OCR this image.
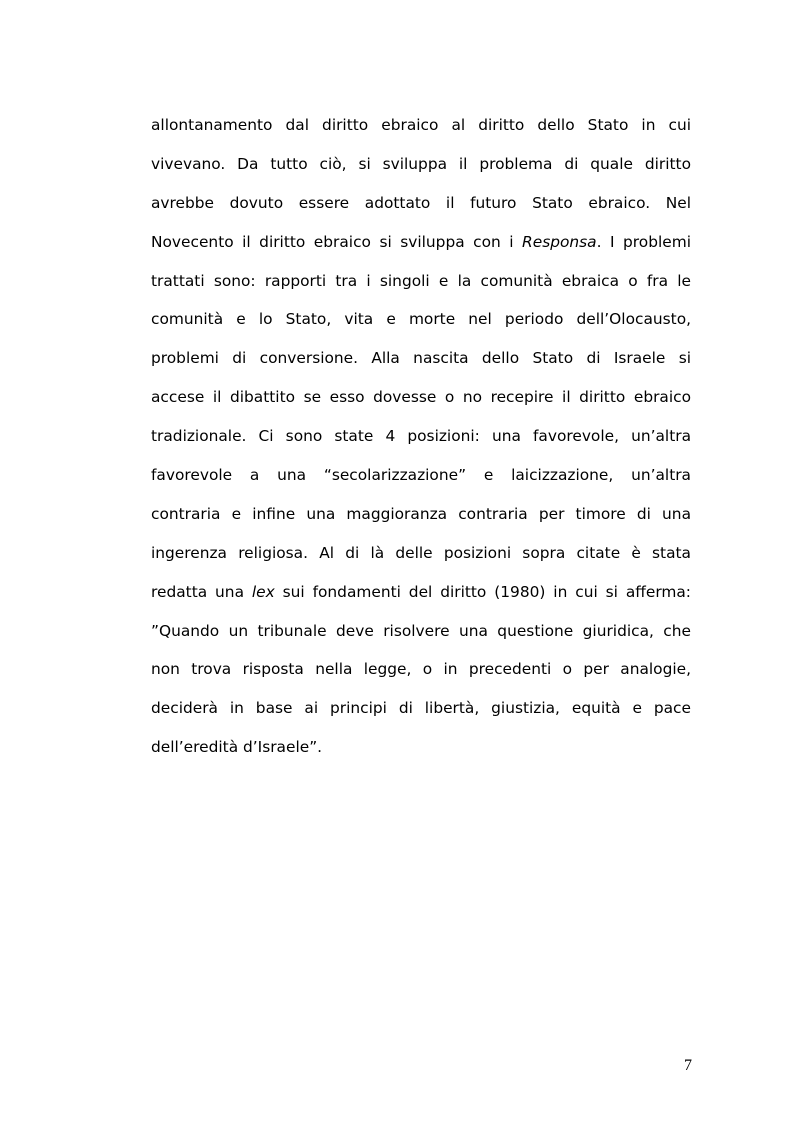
allontanamento dal diritto ebraico al diritto dello Stato in cui
vivevano. Da tutto ciò, si sviluppa il problema di quale diritto
avrebbe dovuto essere adottato il futuro Stato ebraico. Nel
Novecento il diritto ebraico si sviluppa con i Responsa. I problemi
trattati sono: rapporti tra i singoli e la comunità ebraica o fra le
comunità e lo Stato, vita e morte nel periodo dell’Olocausto,
problemi di conversione. Alla nascita dello Stato di Israele si
accese il dibattito se esso dovesse o no recepire il diritto ebraico
tradizionale. Ci sono state 4 posizioni: una favorevole, un’altra
favorevole a una “secolarizzazione” e laicizzazione, un’altra
contraria e infine una maggioranza contraria per timore di una
ingerenza religiosa. Al di là delle posizioni sopra citate è stata
redatta una lex sui fondamenti del diritto (1980) in cui si afferma:
”Quando un tribunale deve risolvere una questione giuridica, che
non trova risposta nella legge, o in precedenti o per analogie,
deciderà in base ai principi di libertà, giustizia, equità e pace
dell’eredità d’Israele”.
7
